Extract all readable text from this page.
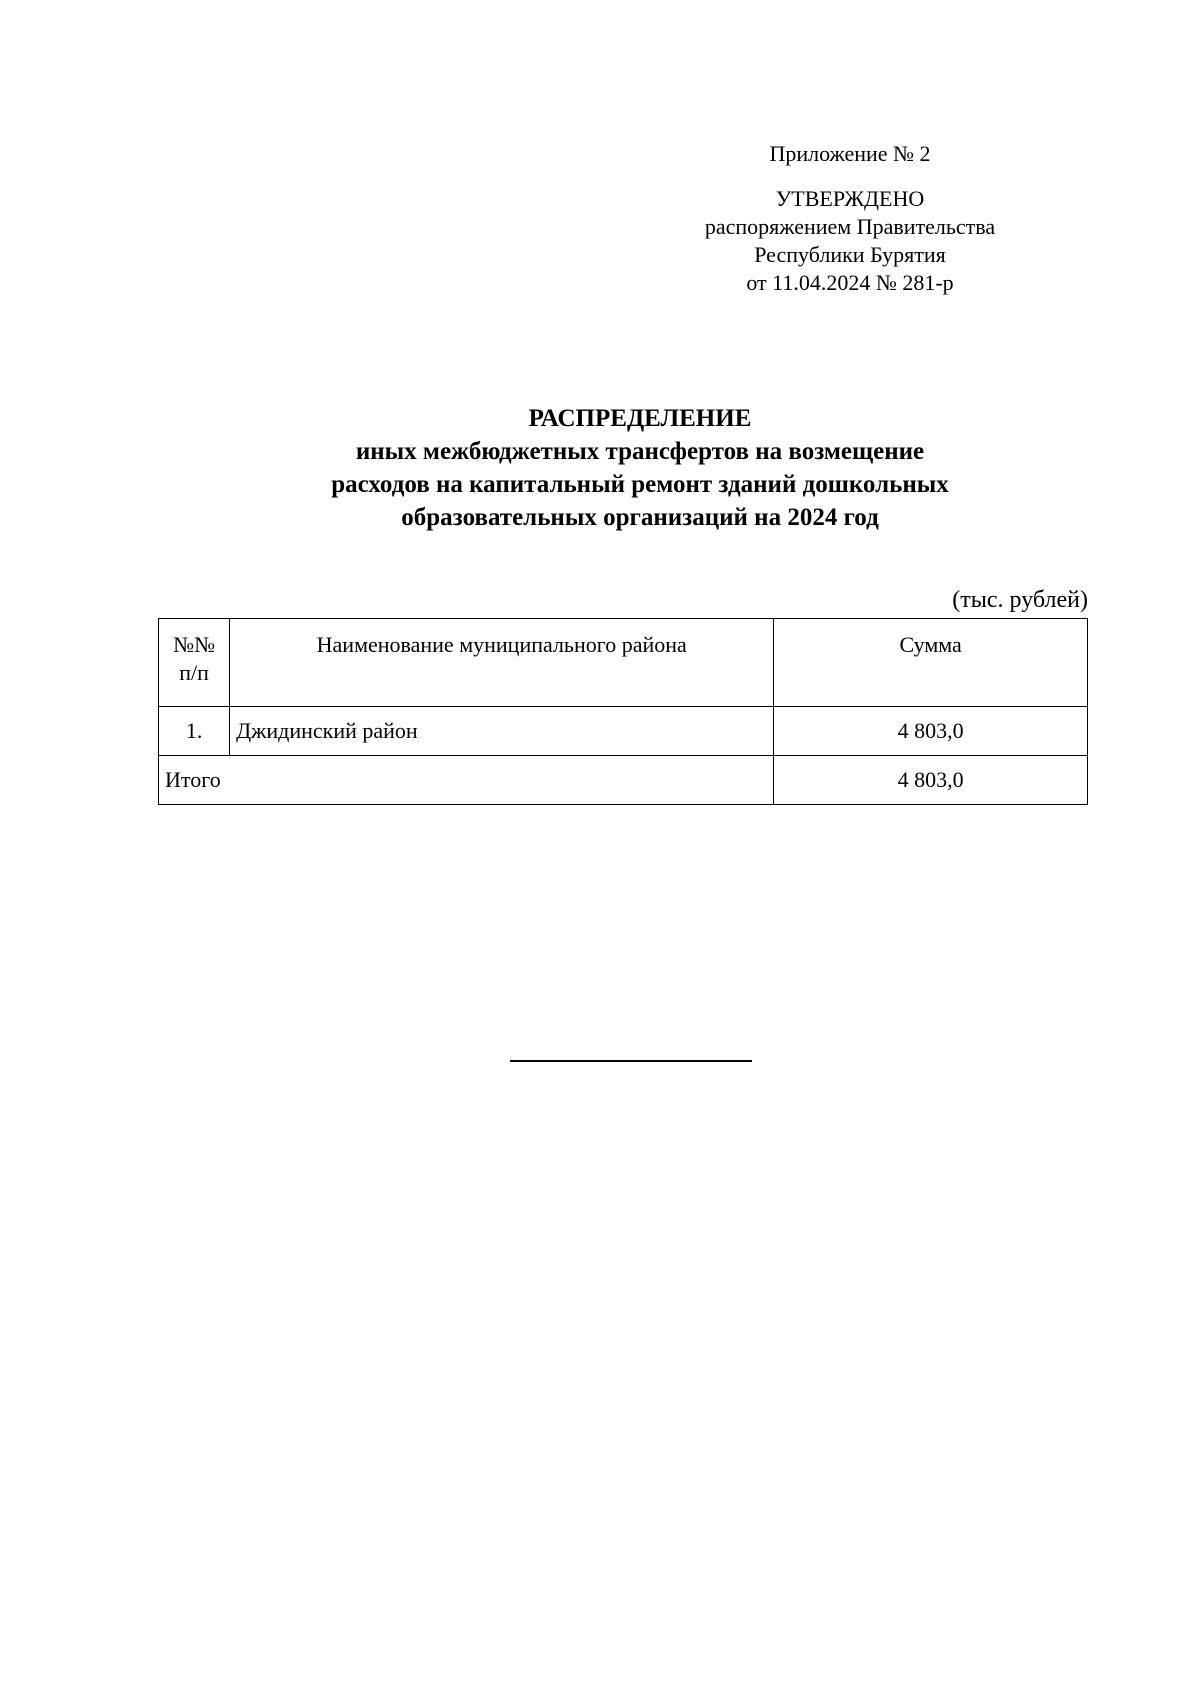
Приложение № 2
УТВЕРЖДЕНО
распоряжением Правительства
Республики Бурятия
от 11.04.2024 № 281-р
РАСПРЕДЕЛЕНИЕ
иных межбюджетных трансфертов на возмещение
расходов на капитальный ремонт зданий дошкольных
образовательных организаций на 2024 год
(тыс. рублей)
№№
п/п	Наименование муниципального района	Сумма
1.	Джидинский район	4 803,0
Итого		4 803,0
